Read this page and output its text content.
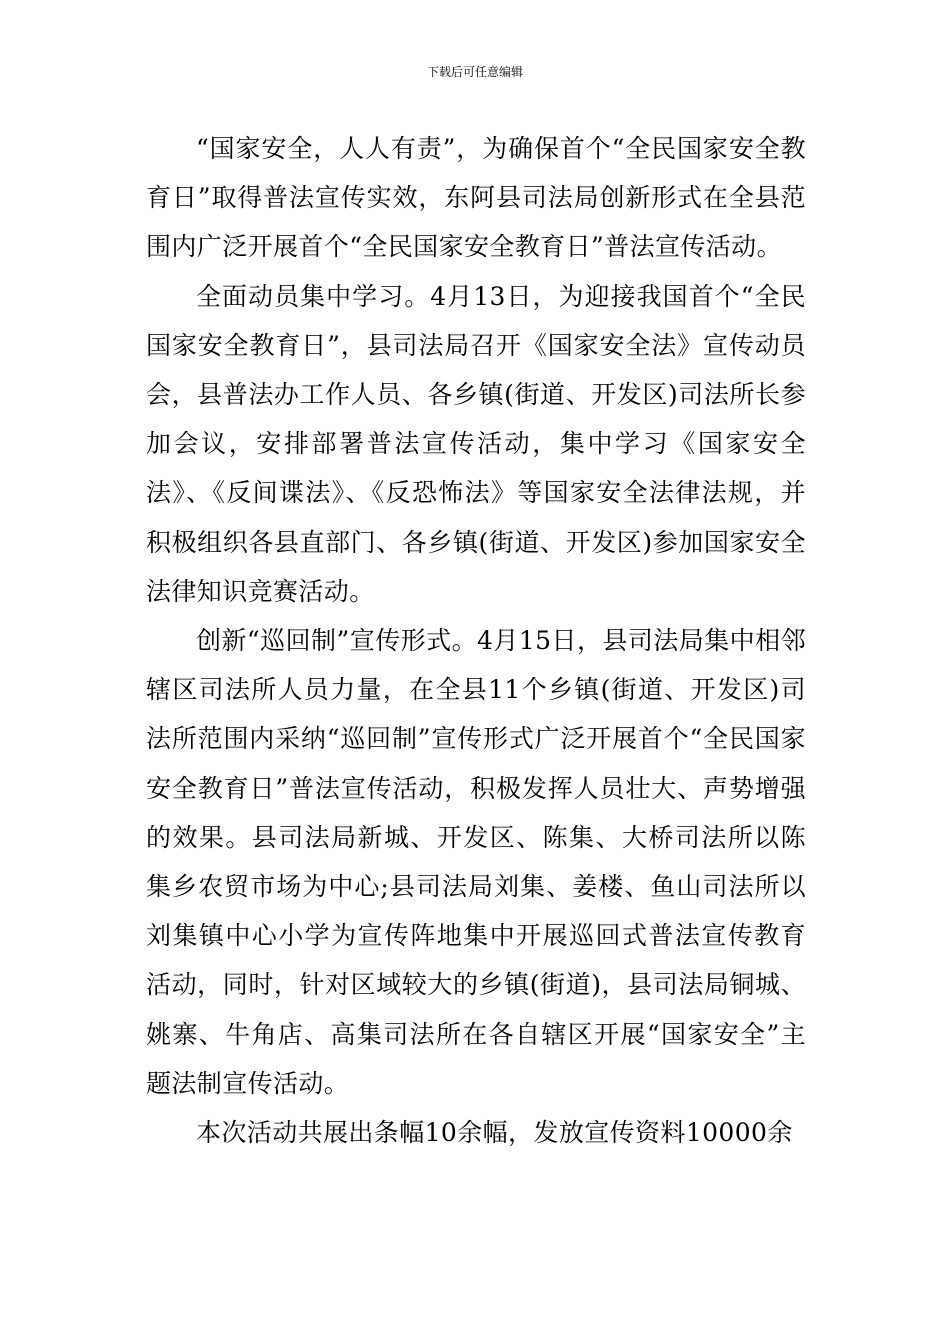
下载后可任意编辑

“国家安全，人人有责”，为确保首个“全民国家安全教育日”取得普法宣传实效，东阿县司法局创新形式在全县范围内广泛开展首个“全民国家安全教育日”普法宣传活动。

全面动员集中学习。4月13日，为迎接我国首个“全民国家安全教育日”，县司法局召开《国家安全法》宣传动员会，县普法办工作人员、各乡镇(街道、开发区)司法所长参加会议，安排部署普法宣传活动，集中学习《国家安全法》、《反间谍法》、《反恐怖法》等国家安全法律法规，并积极组织各县直部门、各乡镇(街道、开发区)参加国家安全法律知识竞赛活动。

创新“巡回制”宣传形式。4月15日，县司法局集中相邻辖区司法所人员力量，在全县11个乡镇(街道、开发区)司法所范围内采纳“巡回制”宣传形式广泛开展首个“全民国家安全教育日”普法宣传活动，积极发挥人员壮大、声势增强的效果。县司法局新城、开发区、陈集、大桥司法所以陈集乡农贸市场为中心;县司法局刘集、姜楼、鱼山司法所以刘集镇中心小学为宣传阵地集中开展巡回式普法宣传教育活动，同时，针对区域较大的乡镇(街道)，县司法局铜城、姚寨、牛角店、高集司法所在各自辖区开展“国家安全”主题法制宣传活动。

本次活动共展出条幅10余幅，发放宣传资料10000余
